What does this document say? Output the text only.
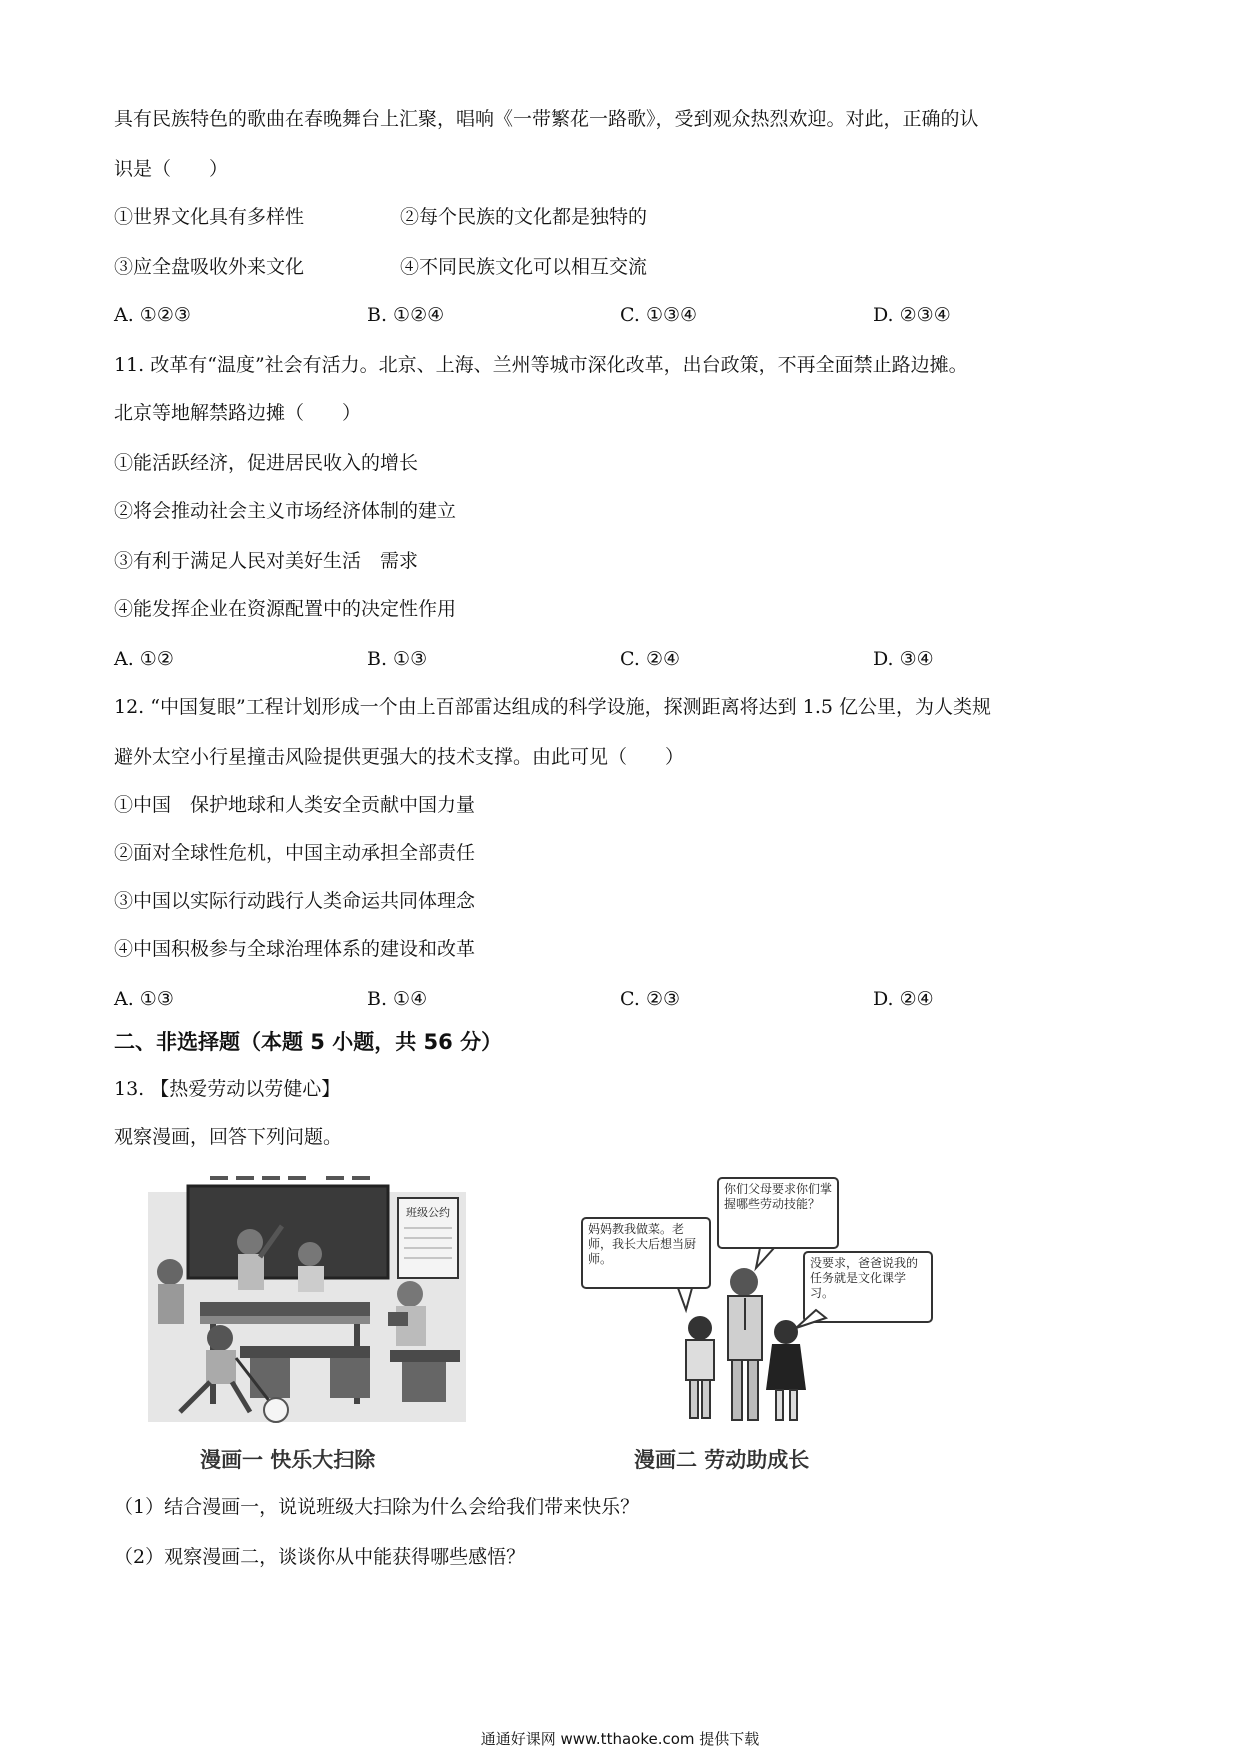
具有民族特色的歌曲在春晚舞台上汇聚，唱响《一带繁花一路歌》，受到观众热烈欢迎。对此，正确的认
识是（　　）
①世界文化具有多样性	②每个民族的文化都是独特的
③应全盘吸收外来文化	④不同民族文化可以相互交流
A. ①②③	B. ①②④	C. ①③④	D. ②③④
11. 改革有“温度”社会有活力。北京、上海、兰州等城市深化改革，出台政策，不再全面禁止路边摊。
北京等地解禁路边摊（　　）
①能活跃经济，促进居民收入的增长
②将会推动社会主义市场经济体制的建立
③有利于满足人民对美好生活　需求
④能发挥企业在资源配置中的决定性作用
A. ①②	B. ①③	C. ②④	D. ③④
12. “中国复眼”工程计划形成一个由上百部雷达组成的科学设施，探测距离将达到 1.5 亿公里，为人类规
避外太空小行星撞击风险提供更强大的技术支撑。由此可见（　　）
①中国　保护地球和人类安全贡献中国力量
②面对全球性危机，中国主动承担全部责任
③中国以实际行动践行人类命运共同体理念
④中国积极参与全球治理体系的建设和改革
A. ①③	B. ①④	C. ②③	D. ②④
二、非选择题（本题 5 小题，共 56 分）
13. 【热爱劳动以劳健心】
观察漫画，回答下列问题。
班级公约
漫画一 快乐大扫除
你们父母要求你们掌握哪些劳动技能？
妈妈教我做菜。老师，我长大后想当厨师。	没要求，爸爸说我的任务就是文化课学习。
漫画二 劳动助成长
（1）结合漫画一，说说班级大扫除为什么会给我们带来快乐？
（2）观察漫画二，谈谈你从中能获得哪些感悟？
通通好课网 www.tthaoke.com 提供下载
